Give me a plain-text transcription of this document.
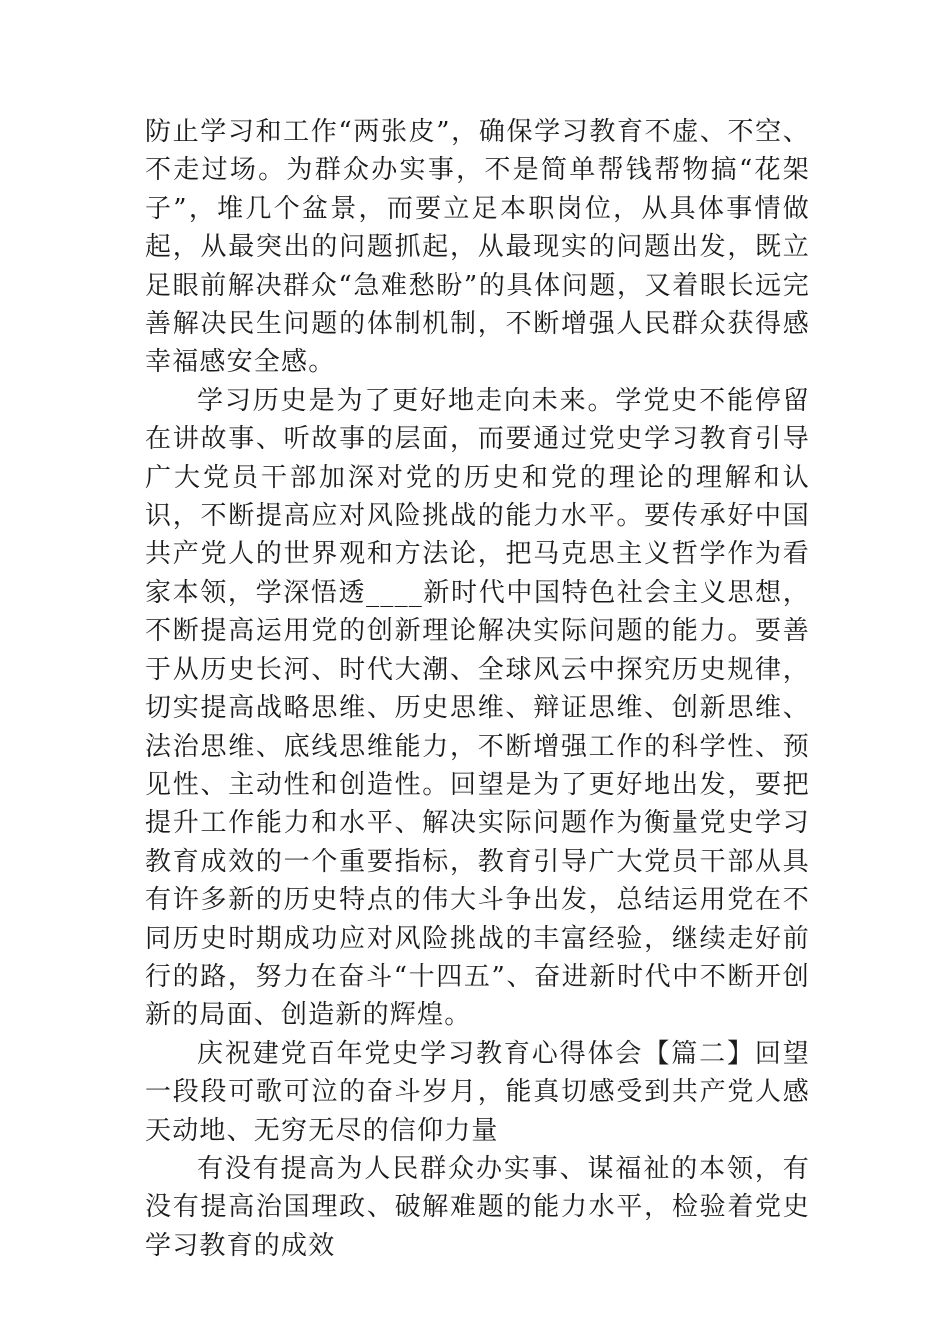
防止学习和工作“两张皮”，确保学习教育不虚、不空、不走过场。为群众办实事，不是简单帮钱帮物搞“花架子”，堆几个盆景，而要立足本职岗位，从具体事情做起，从最突出的问题抓起，从最现实的问题出发，既立足眼前解决群众“急难愁盼”的具体问题，又着眼长远完善解决民生问题的体制机制，不断增强人民群众获得感幸福感安全感。

学习历史是为了更好地走向未来。学党史不能停留在讲故事、听故事的层面，而要通过党史学习教育引导广大党员干部加深对党的历史和党的理论的理解和认识，不断提高应对风险挑战的能力水平。要传承好中国共产党人的世界观和方法论，把马克思主义哲学作为看家本领，学深悟透____新时代中国特色社会主义思想，不断提高运用党的创新理论解决实际问题的能力。要善于从历史长河、时代大潮、全球风云中探究历史规律，切实提高战略思维、历史思维、辩证思维、创新思维、法治思维、底线思维能力，不断增强工作的科学性、预见性、主动性和创造性。回望是为了更好地出发，要把提升工作能力和水平、解决实际问题作为衡量党史学习教育成效的一个重要指标，教育引导广大党员干部从具有许多新的历史特点的伟大斗争出发，总结运用党在不同历史时期成功应对风险挑战的丰富经验，继续走好前行的路，努力在奋斗“十四五”、奋进新时代中不断开创新的局面、创造新的辉煌。

庆祝建党百年党史学习教育心得体会【篇二】回望一段段可歌可泣的奋斗岁月，能真切感受到共产党人感天动地、无穷无尽的信仰力量

有没有提高为人民群众办实事、谋福祉的本领，有没有提高治国理政、破解难题的能力水平，检验着党史学习教育的成效
